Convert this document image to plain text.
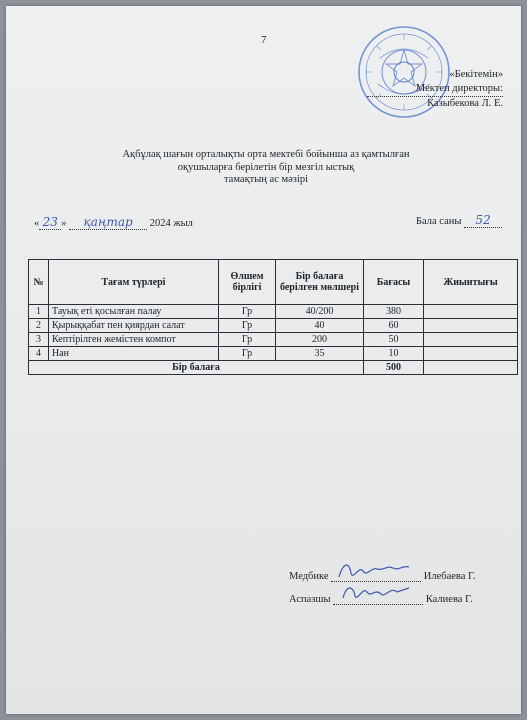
7
«Бекітемін»
Мектеп директоры:
Казыбекова Л. Е.
Ақбұлақ шағын орталықты орта мектебі бойынша аз қамтылған
оқушыларға берілетін бір мезгіл ыстық
тамақтың ас мәзірі
« 23 » қаңтар 2024 жыл	Бала саны 52
№	Тағам түрлері	Өлшем бірлігі	Бір балаға берілген мөлшері	Бағасы	Жиынтығы
1	Тауық еті қосылған палау	Гр	40/200	380	
2	Қырыққабат пен қиярдан салат	Гр	40	60	
3	Кептірілген жемістен компот	Гр	200	50	
4	Нан	Гр	35	10	
Бір балаға				500	
Медбике	Илебаева Г.
Аспазшы	Калиева Г.
